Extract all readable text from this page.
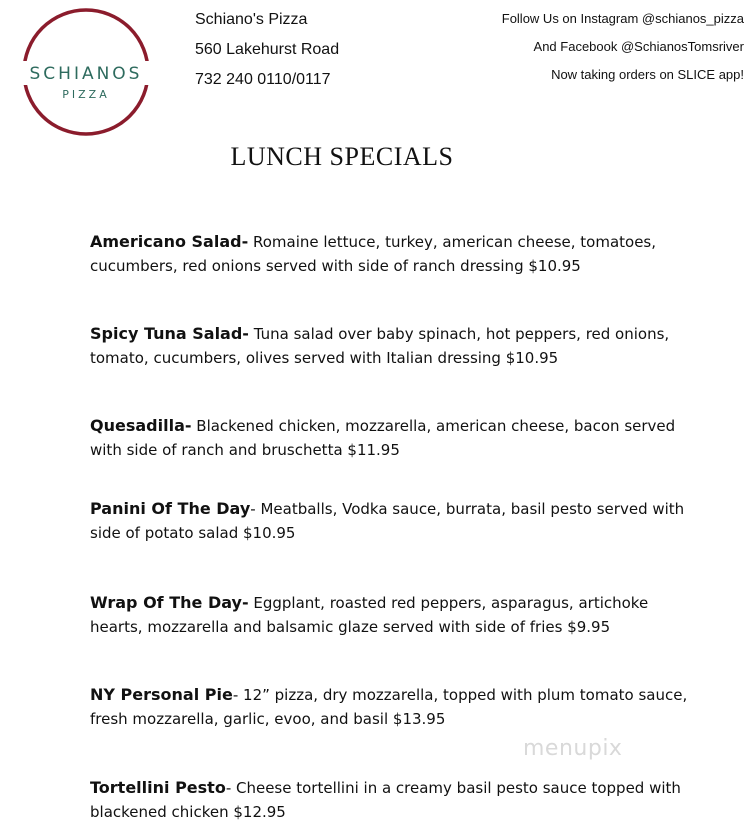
SCHIANOS
PIZZA
Schiano's Pizza
560 Lakehurst Road
732 240 0110/0117
Follow Us on Instagram @schianos_pizza
And Facebook @SchianosTomsriver
Now taking orders on SLICE app!
LUNCH SPECIALS
Americano Salad- Romaine lettuce, turkey, american cheese, tomatoes, cucumbers, red onions served with side of ranch dressing $10.95
Spicy Tuna Salad- Tuna salad over baby spinach, hot peppers, red onions, tomato, cucumbers, olives served with Italian dressing $10.95
Quesadilla- Blackened chicken, mozzarella, american cheese, bacon served with side of ranch and bruschetta $11.95
Panini Of The Day- Meatballs, Vodka sauce, burrata, basil pesto served with side of potato salad $10.95
Wrap Of The Day- Eggplant, roasted red peppers, asparagus, artichoke hearts, mozzarella and balsamic glaze served with side of fries $9.95
NY Personal Pie- 12” pizza, dry mozzarella, topped with plum tomato sauce, fresh mozzarella, garlic, evoo, and basil $13.95
Tortellini Pesto- Cheese tortellini in a creamy basil pesto sauce topped with blackened chicken $12.95
menupix
